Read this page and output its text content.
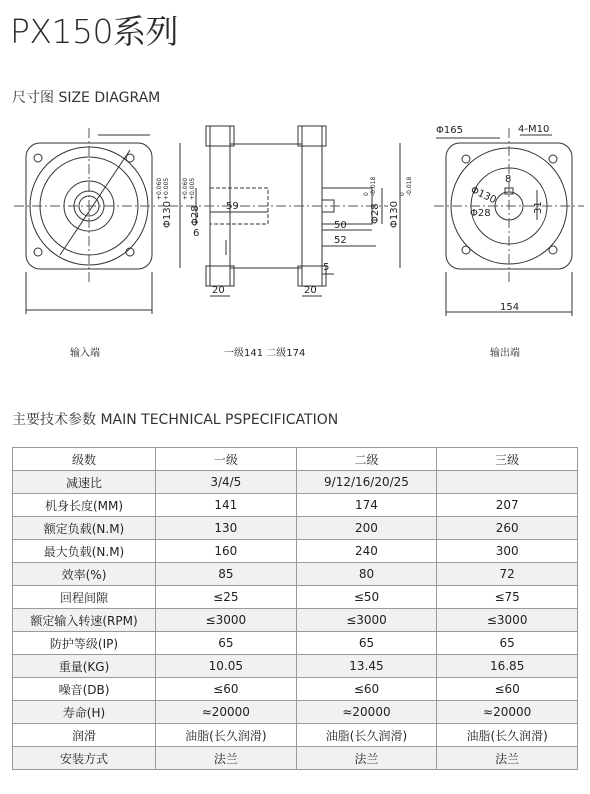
PX150系列
尺寸图 SIZE DIAGRAM
Φ130
+0.060 +0.005
Φ28
+0.060 +0.005
59
6
20	20
50
52
5
Φ28
0 -0.018
Φ130
0 -0.018
Φ165	4-M10
8
Φ130
31
Φ28
154
输入端	一级141 二级174	输出端
主要技术参数 MAIN TECHNICAL PSPECIFICATION
级数	一级	二级	三级
减速比	3/4/5	9/12/16/20/25	
机身长度(MM)	141	174	207
额定负载(N.M)	130	200	260
最大负载(N.M)	160	240	300
效率(%)	85	80	72
回程间隙	≤25	≤50	≤75
额定输入转速(RPM)	≤3000	≤3000	≤3000
防护等级(IP)	65	65	65
重量(KG)	10.05	13.45	16.85
噪音(DB)	≤60	≤60	≤60
寿命(H)	≈20000	≈20000	≈20000
润滑	油脂(长久润滑)	油脂(长久润滑)	油脂(长久润滑)
安装方式	法兰	法兰	法兰
